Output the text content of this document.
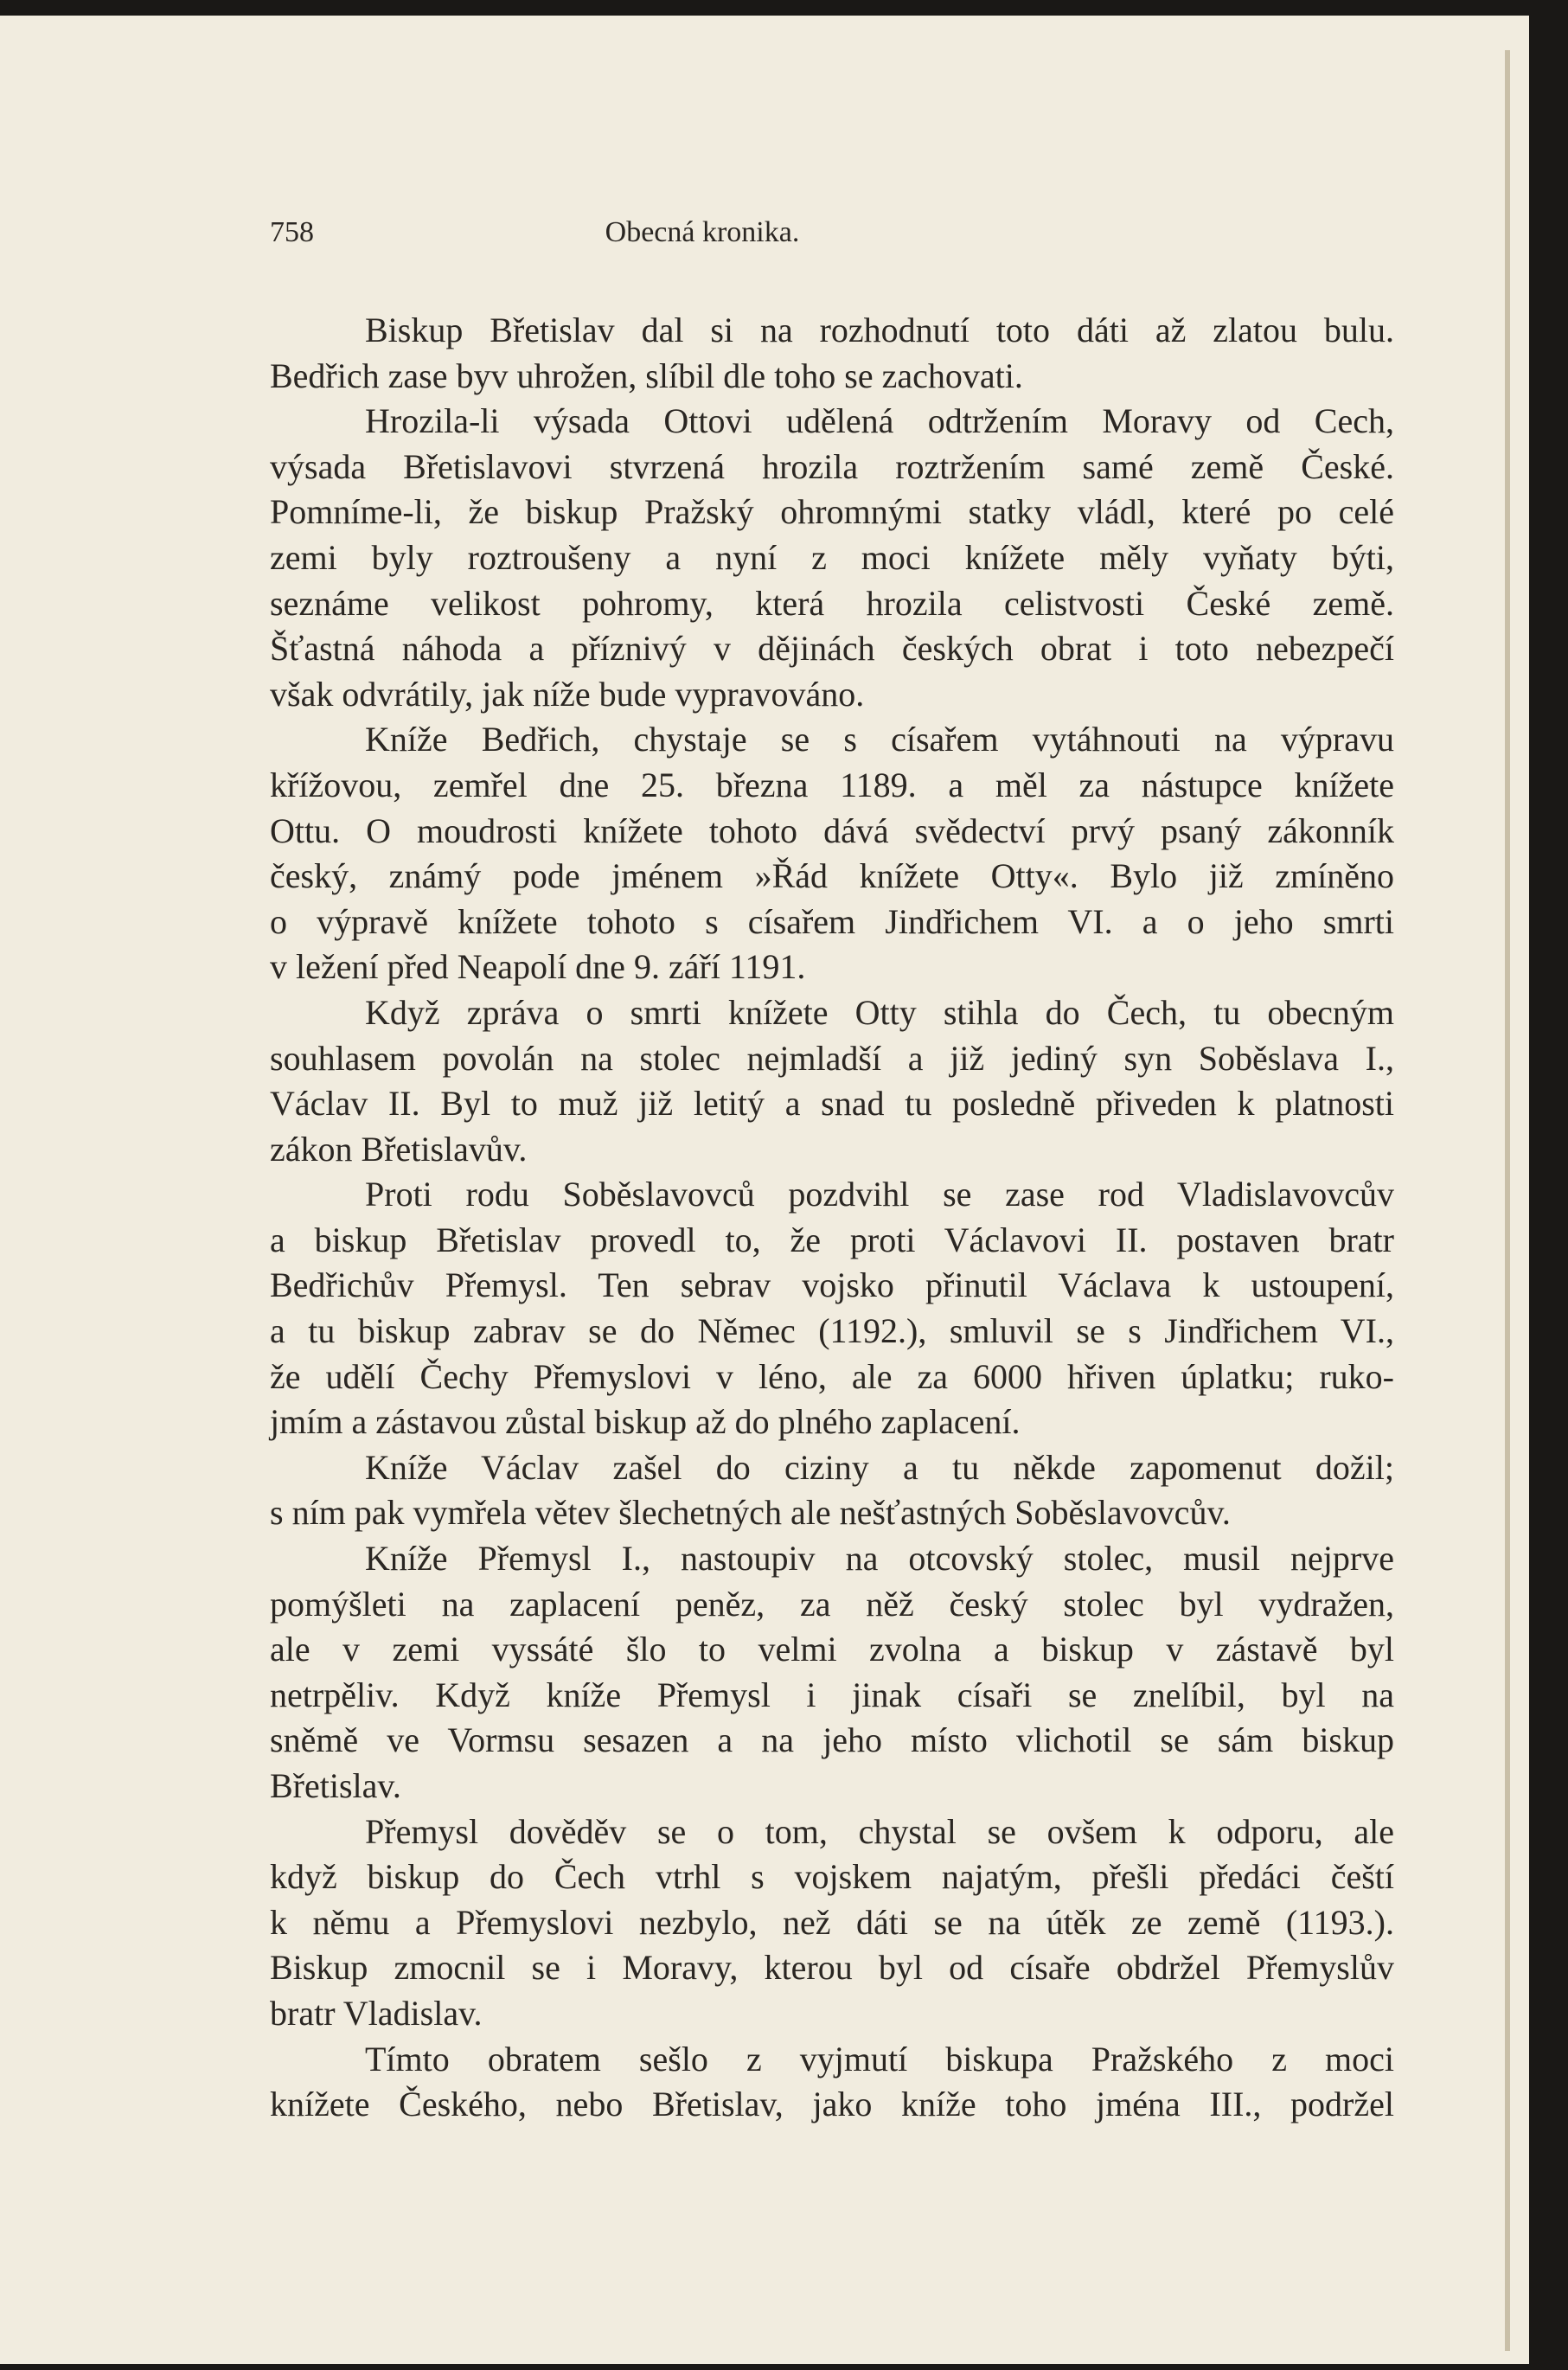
758	Obecná kronika.
Biskup Břetislav dal si na rozhodnutí toto dáti až zlatou bulu.
Bedřich zase byv uhrožen, slíbil dle toho se zachovati.
Hrozila-li výsada Ottovi udělená odtržením Moravy od Cech,
výsada Břetislavovi stvrzená hrozila roztržením samé země České.
Pomníme-li, že biskup Pražský ohromnými statky vládl, které po celé
zemi byly roztroušeny a nyní z moci knížete měly vyňaty býti,
seznáme velikost pohromy, která hrozila celistvosti České země.
Šťastná náhoda a příznivý v dějinách českých obrat i toto nebezpečí
však odvrátily, jak níže bude vypravováno.
Kníže Bedřich, chystaje se s císařem vytáhnouti na výpravu
křížovou, zemřel dne 25. března 1189. a měl za nástupce knížete
Ottu. O moudrosti knížete tohoto dává svědectví prvý psaný zákonník
český, známý pode jménem »Řád knížete Otty«. Bylo již zmíněno
o výpravě knížete tohoto s císařem Jindřichem VI. a o jeho smrti
v ležení před Neapolí dne 9. září 1191.
Když zpráva o smrti knížete Otty stihla do Čech, tu obecným
souhlasem povolán na stolec nejmladší a již jediný syn Soběslava I.,
Václav II. Byl to muž již letitý a snad tu posledně přiveden k platnosti
zákon Břetislavův.
Proti rodu Soběslavovců pozdvihl se zase rod Vladislavovcův
a biskup Břetislav provedl to, že proti Václavovi II. postaven bratr
Bedřichův Přemysl. Ten sebrav vojsko přinutil Václava k ustoupení,
a tu biskup zabrav se do Němec (1192.), smluvil se s Jindřichem VI.,
že udělí Čechy Přemyslovi v léno, ale za 6000 hřiven úplatku; ruko-
jmím a zástavou zůstal biskup až do plného zaplacení.
Kníže Václav zašel do ciziny a tu někde zapomenut dožil;
s ním pak vymřela větev šlechetných ale nešťastných Soběslavovcův.
Kníže Přemysl I., nastoupiv na otcovský stolec, musil nejprve
pomýšleti na zaplacení peněz, za něž český stolec byl vydražen,
ale v zemi vyssáté šlo to velmi zvolna a biskup v zástavě byl
netrpěliv. Když kníže Přemysl i jinak císaři se znelíbil, byl na
sněmě ve Vormsu sesazen a na jeho místo vlichotil se sám biskup
Břetislav.
Přemysl dověděv se o tom, chystal se ovšem k odporu, ale
když biskup do Čech vtrhl s vojskem najatým, přešli předáci čeští
k němu a Přemyslovi nezbylo, než dáti se na útěk ze země (1193.).
Biskup zmocnil se i Moravy, kterou byl od císaře obdržel Přemyslův
bratr Vladislav.
Tímto obratem sešlo z vyjmutí biskupa Pražského z moci
knížete Českého, nebo Břetislav, jako kníže toho jména III., podržel
